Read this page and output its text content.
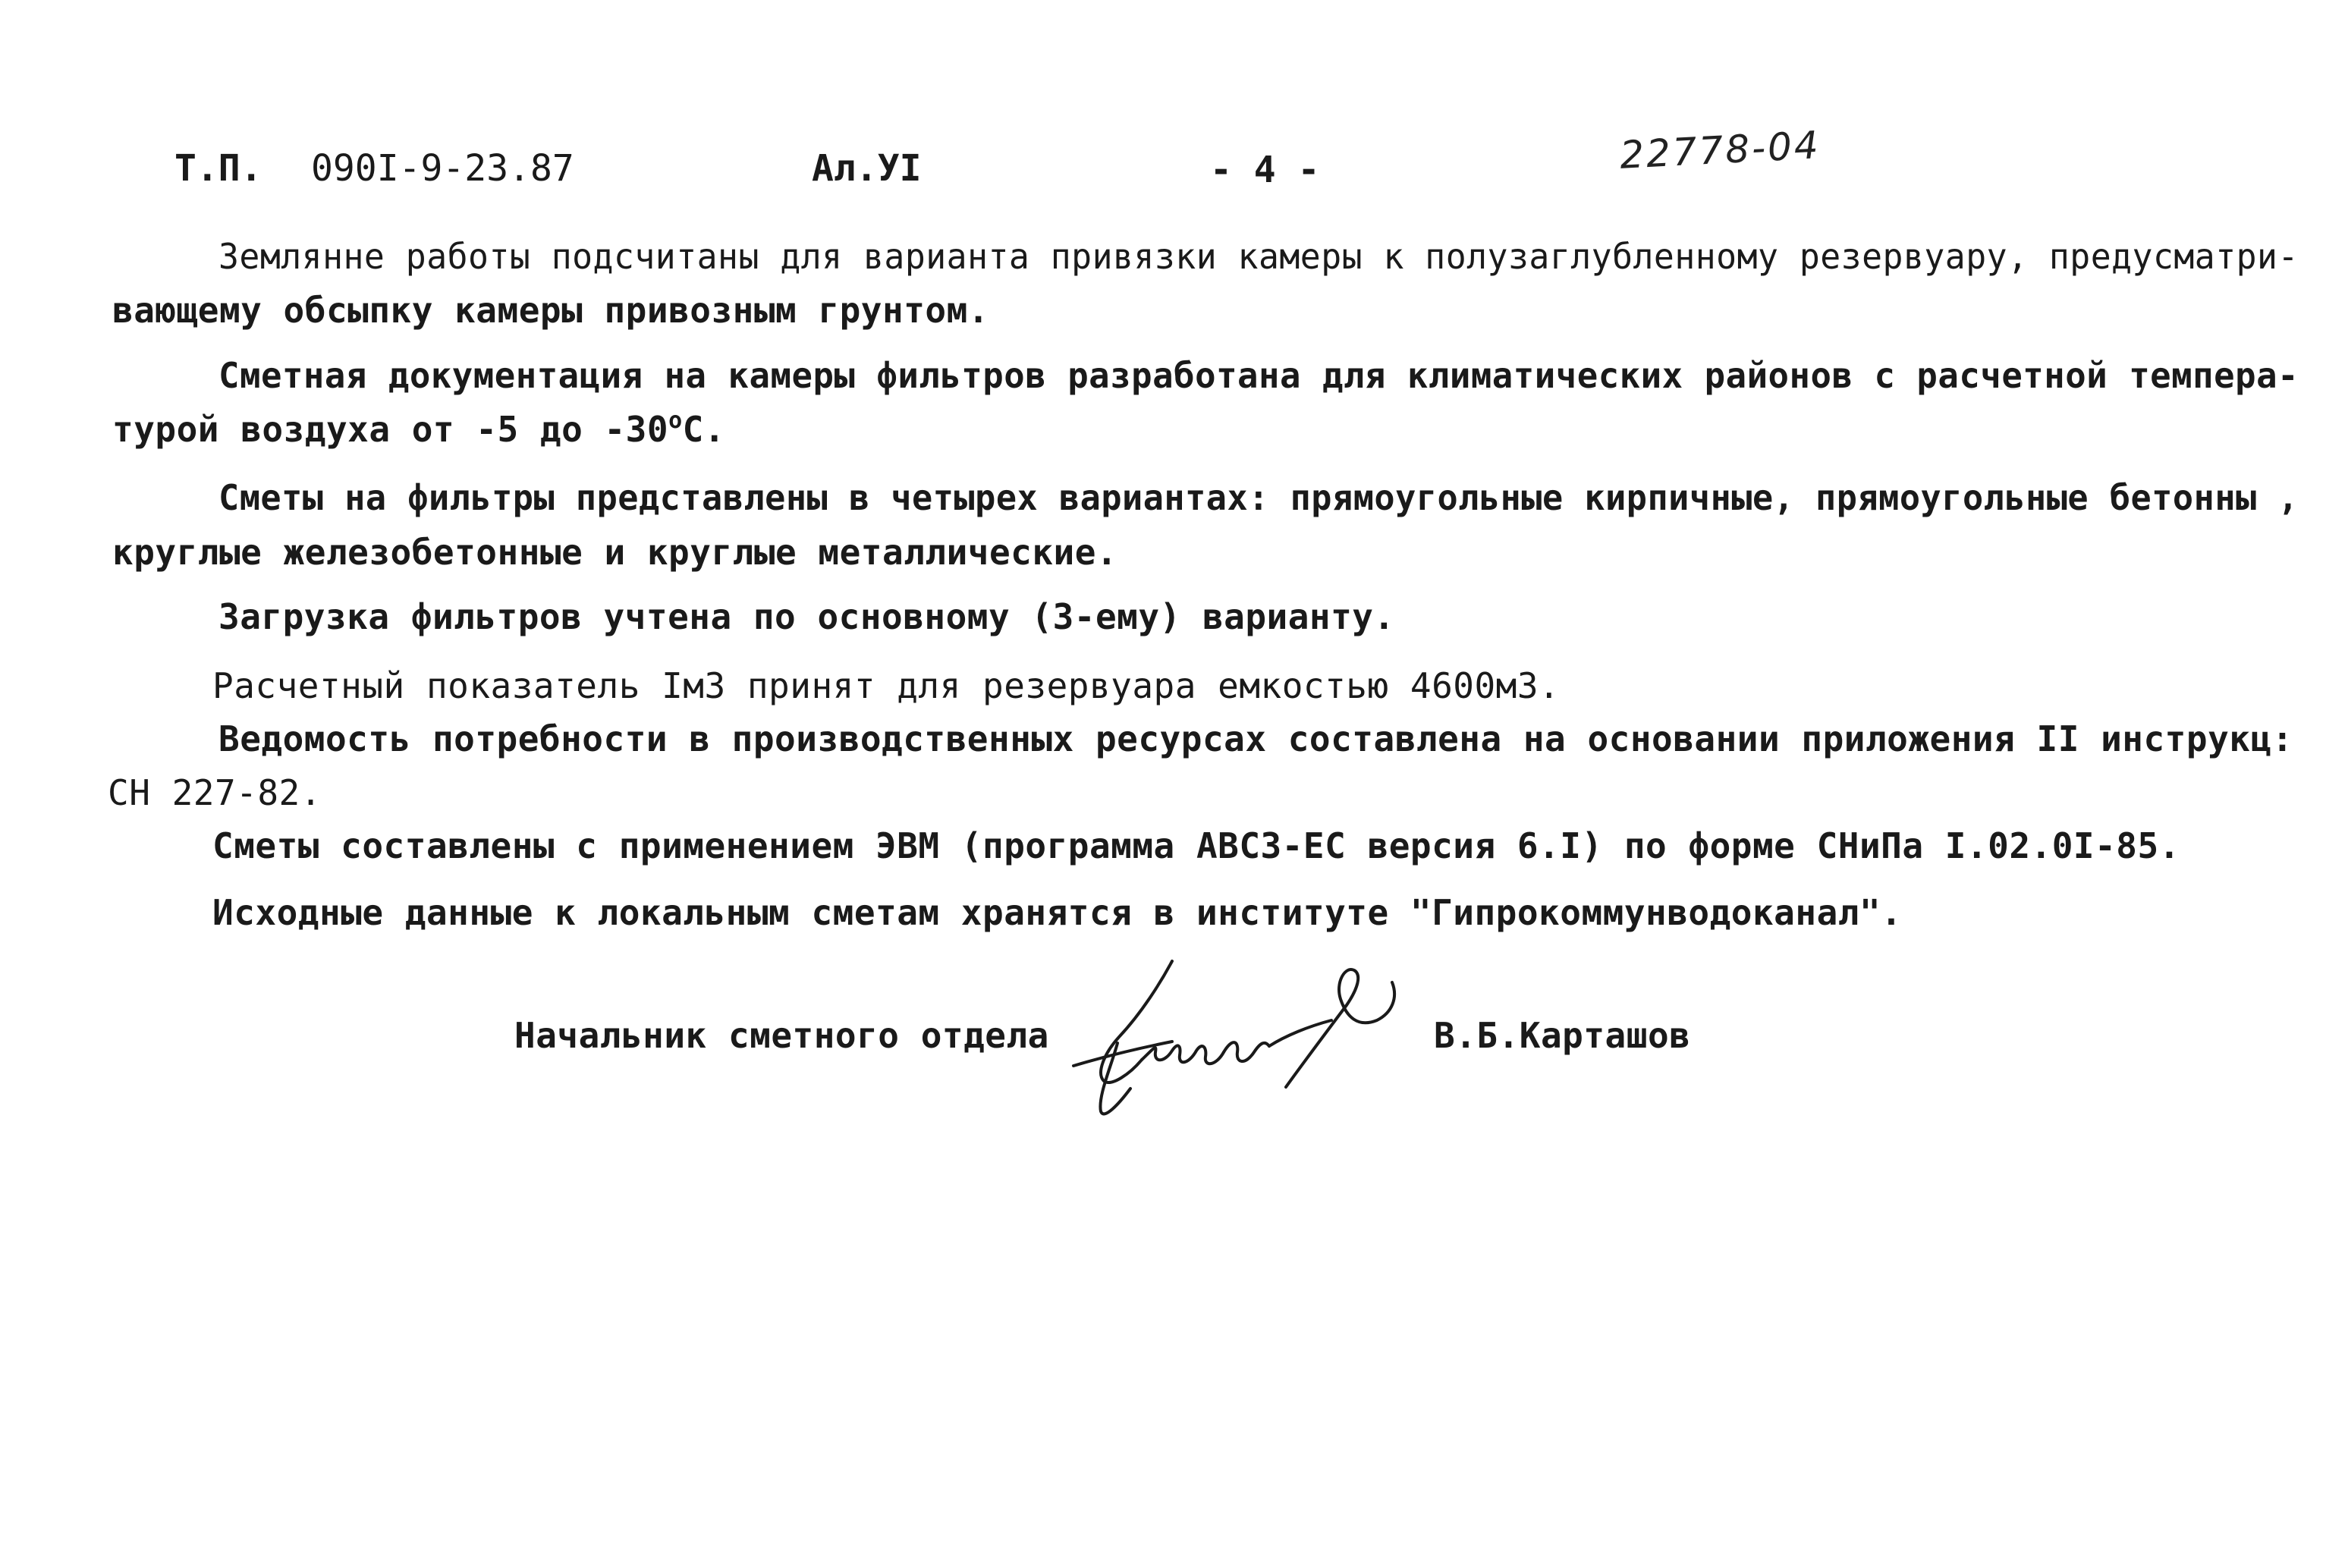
Т.П. 090I-9-23.87	Ал.УI	- 4 -	22778-04
Землянне работы подсчитаны для варианта привязки камеры к полузаглубленному резервуару, предусматри-
вающему обсыпку камеры привозным грунтом.
Сметная документация на камеры фильтров разработана для климатических районов с расчетной темпера-
турой воздуха от -5 до $-30^оС$.
Сметы на фильтры представлены в четырех вариантах: прямоугольные кирпичные, прямоугольные бетонны ,
круглые железобетонные и круглые металлические.
Загрузка фильтров учтена по основному (3-ему) варианту.
Расчетный показатель Iм3 принят для резервуара емкостью 4600м3.
Ведомость потребности в производственных ресурсах составлена на основании приложения II инструкц:
СН 227-82.
Сметы составлены с применением ЭВМ (программа АВСЗ-ЕС версия 6.I) по форме СНиПа I.02.0I-85.
Исходные данные к локальным сметам хранятся в институте "Гипрокоммунводоканал".
Начальник сметного отдела	В.Б.Карташов
